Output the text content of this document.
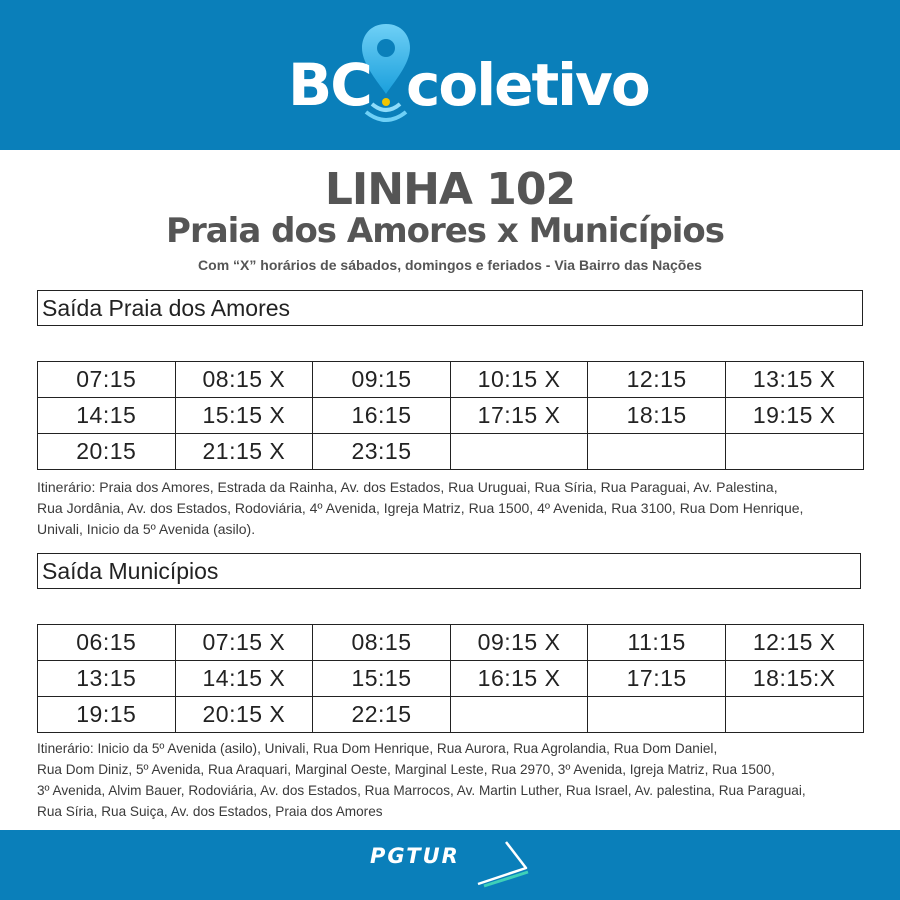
BC coletivo
LINHA 102
Praia dos Amores x Municípios
Com “X” horários de sábados, domingos e feriados - Via Bairro das Nações
Saída Praia dos Amores
07:15	08:15 X	09:15	10:15 X	12:15	13:15 X
14:15	15:15 X	16:15	17:15 X	18:15	19:15 X
20:15	21:15 X	23:15			
Itinerário: Praia dos Amores, Estrada da Rainha, Av. dos Estados, Rua Uruguai, Rua Síria, Rua Paraguai, Av. Palestina,
Rua Jordânia, Av. dos Estados, Rodoviária, 4º Avenida, Igreja Matriz, Rua 1500, 4º Avenida, Rua 3100, Rua Dom Henrique,
Univali, Inicio da 5º Avenida (asilo).
Saída Municípios
06:15	07:15 X	08:15	09:15 X	11:15	12:15 X
13:15	14:15 X	15:15	16:15 X	17:15	18:15:X
19:15	20:15 X	22:15			
Itinerário: Inicio da 5º Avenida (asilo), Univali, Rua Dom Henrique, Rua Aurora, Rua Agrolandia, Rua Dom Daniel,
Rua Dom Diniz, 5º Avenida, Rua Araquari, Marginal Oeste, Marginal Leste, Rua 2970, 3º Avenida, Igreja Matriz, Rua 1500,
3º Avenida, Alvim Bauer, Rodoviária, Av. dos Estados, Rua Marrocos, Av. Martin Luther, Rua Israel, Av. palestina, Rua Paraguai,
Rua Síria, Rua Suiça, Av. dos Estados, Praia dos Amores
PGTUR
